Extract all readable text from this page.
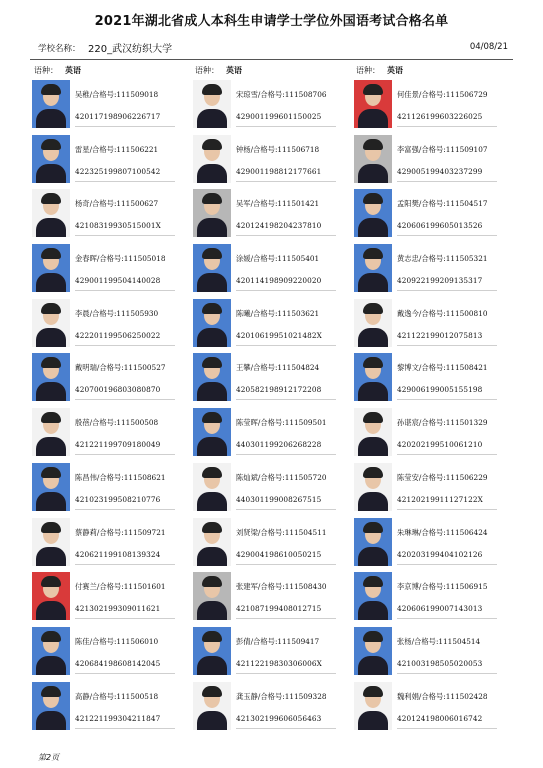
2021年湖北省成人本科生申请学士学位外国语考试合格名单
学校名称： 220_武汉纺织大学	04/08/21
语种： 英语
吴稚/合格号:111509018
420117198906226717
雷星/合格号:111506221
422325199807100542
杨奇/合格号:111500627
42108319930515001X
金春晖/合格号:111505018
429001199504140028
李晨/合格号:111505930
422201199506250022
戴明瑞/合格号:111500527
420700196803080870
殷蓓/合格号:111500508
421221199709180049
陈昌伟/合格号:111508621
421023199508210776
蔡静莉/合格号:111509721
420621199108139324
付赛兰/合格号:111501601
421302199309011621
陈佳/合格号:111506010
420684198608142045
高静/合格号:111500518
421221199304211847
语种： 英语
宋琼雪/合格号:111508706
429001199601150025
钟杨/合格号:111506718
429001198812177661
吴军/合格号:111501421
420124198204237810
涂媛/合格号:111505401
420114198909220020
陈曦/合格号:111503621
42010619951021482X
王攀/合格号:111504824
420582198912172208
陈莹晖/合格号:111509501
440301199206268228
陈灿斌/合格号:111505720
440301199008267515
刘贤梁/合格号:111504511
429004198610050215
张建军/合格号:111508430
421087199408012715
彭倩/合格号:111509417
42112219830306006X
龚玉静/合格号:111509328
421302199606056463
语种： 英语
何佳景/合格号:111506729
421126199603226025
李富强/合格号:111509107
429005199403237299
孟阳樊/合格号:111504517
420606199605013526
黄志忠/合格号:111505321
420922199209135317
戴逸今/合格号:111500810
421122199012075813
黎博文/合格号:111508421
429006199005155198
孙谌宸/合格号:111501329
420202199510061210
陈莹安/合格号:111506229
42120219911127122X
朱琳琳/合格号:111506424
420203199404102126
李京博/合格号:111506915
420606199007143013
张杨/合格号:111504514
421003198505020053
魏利娟/合格号:111502428
420124198006016742
第2页
